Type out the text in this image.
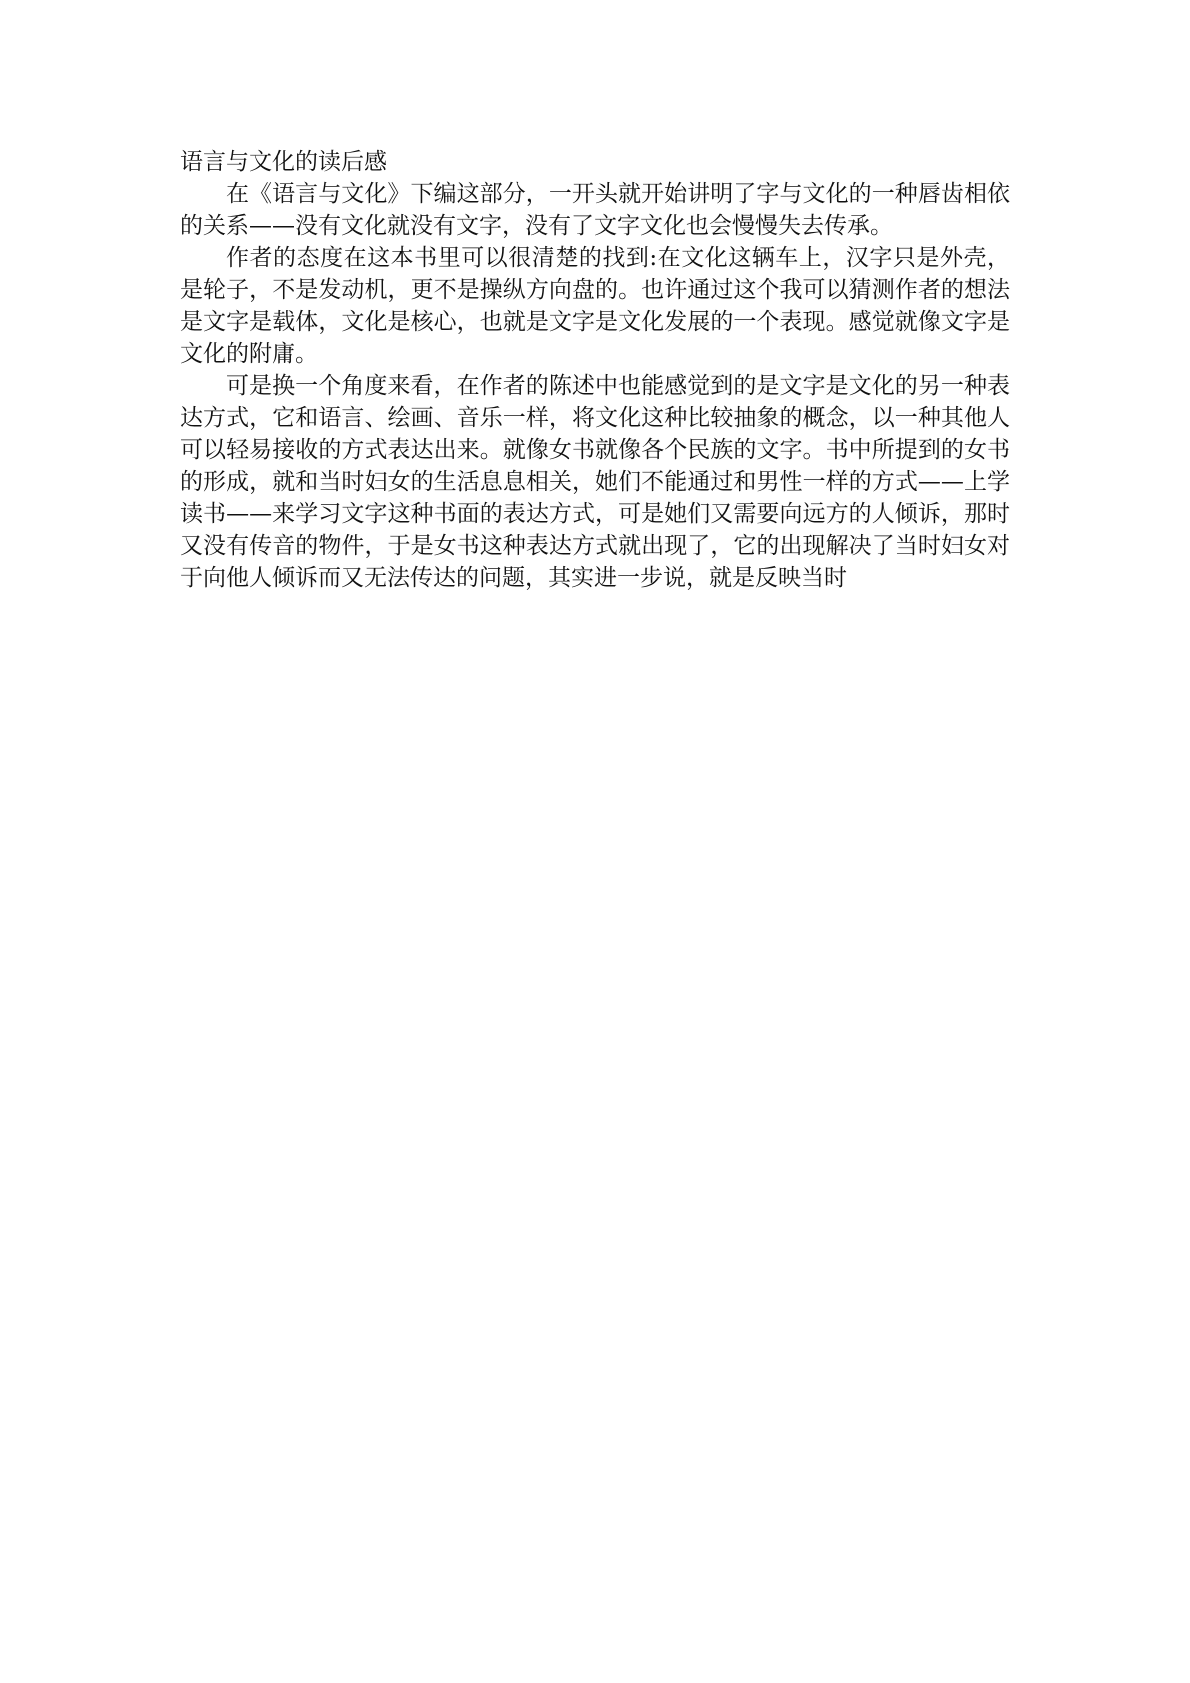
语言与文化的读后感

在《语言与文化》下编这部分，一开头就开始讲明了字与文化的一种唇齿相依的关系——没有文化就没有文字，没有了文字文化也会慢慢失去传承。

作者的态度在这本书里可以很清楚的找到:在文化这辆车上，汉字只是外壳，是轮子，不是发动机，更不是操纵方向盘的。也许通过这个我可以猜测作者的想法是文字是载体，文化是核心，也就是文字是文化发展的一个表现。感觉就像文字是文化的附庸。

可是换一个角度来看，在作者的陈述中也能感觉到的是文字是文化的另一种表达方式，它和语言、绘画、音乐一样，将文化这种比较抽象的概念，以一种其他人可以轻易接收的方式表达出来。就像女书就像各个民族的文字。书中所提到的女书的形成，就和当时妇女的生活息息相关，她们不能通过和男性一样的方式——上学读书——来学习文字这种书面的表达方式，可是她们又需要向远方的人倾诉，那时又没有传音的物件，于是女书这种表达方式就出现了，它的出现解决了当时妇女对于向他人倾诉而又无法传达的问题，其实进一步说，就是反映当时
